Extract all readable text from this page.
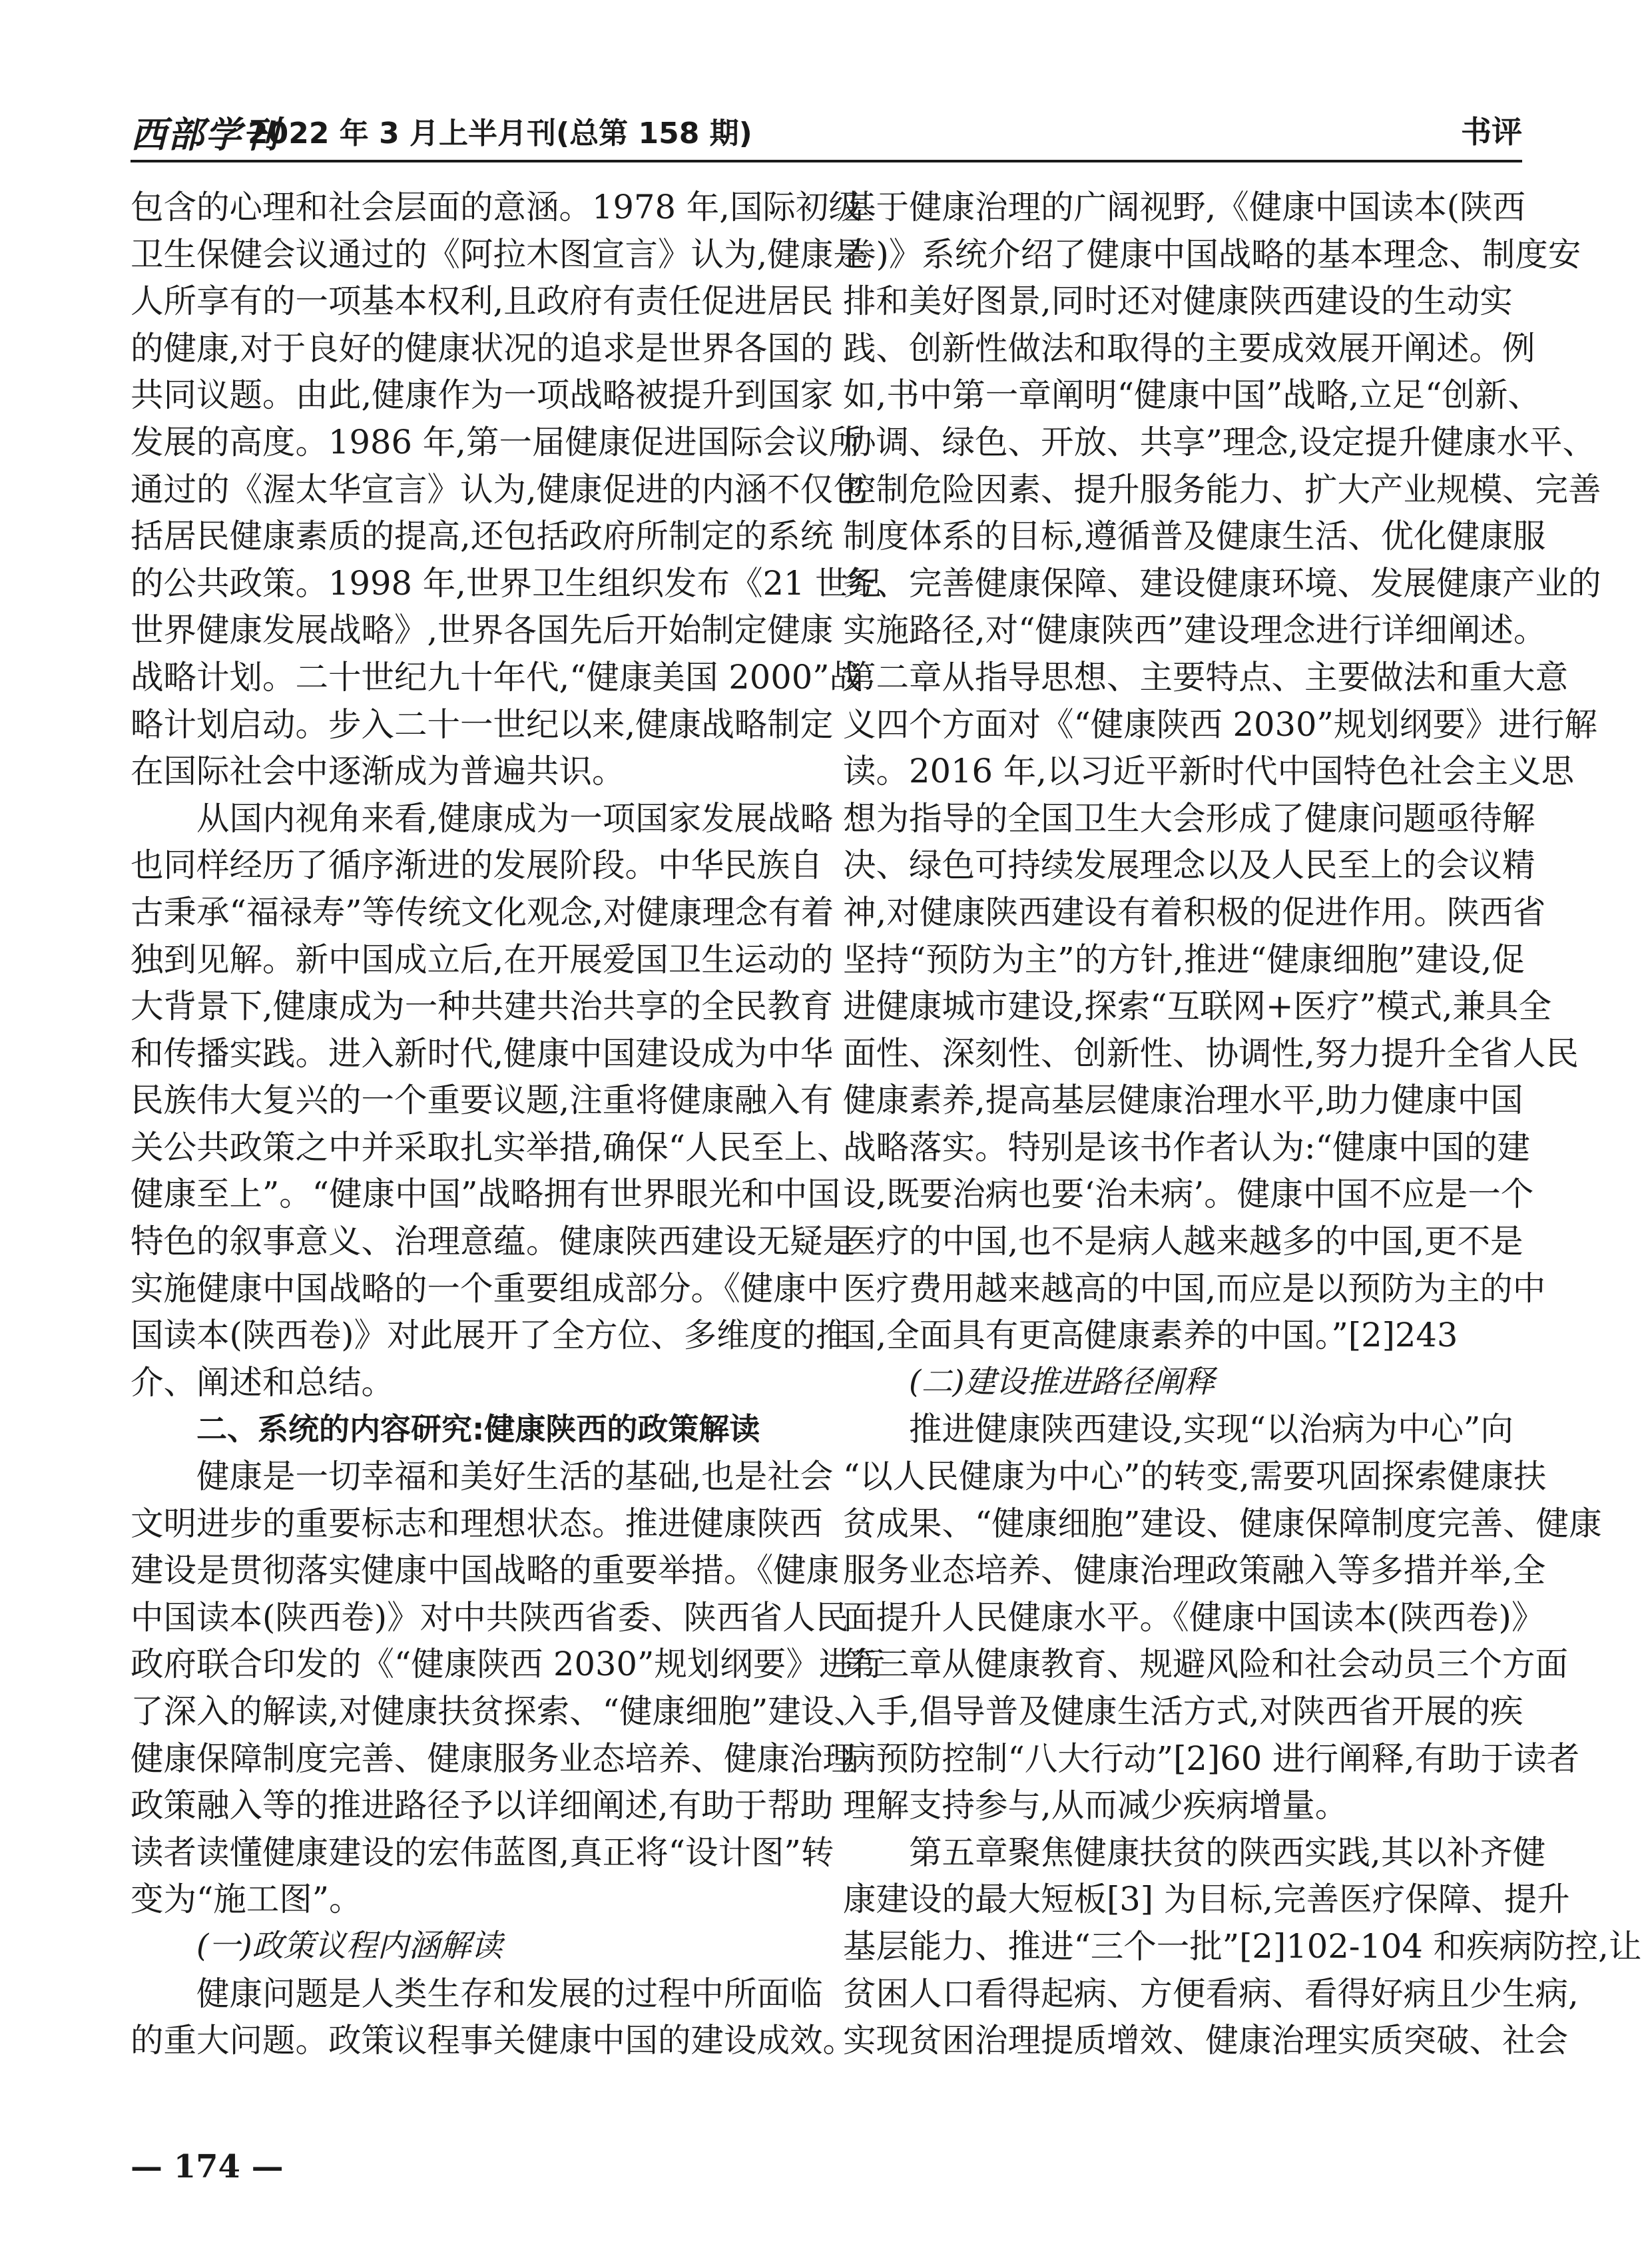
西部学刊
2022 年 3 月上半月刊(总第 158 期)	书评
包含的心理和社会层面的意涵。1978 年,国际初级
卫生保健会议通过的《阿拉木图宣言》认为,健康是
人所享有的一项基本权利,且政府有责任促进居民
的健康,对于良好的健康状况的追求是世界各国的
共同议题。由此,健康作为一项战略被提升到国家
发展的高度。1986 年,第一届健康促进国际会议所
通过的《渥太华宣言》认为,健康促进的内涵不仅包
括居民健康素质的提高,还包括政府所制定的系统
的公共政策。1998 年,世界卫生组织发布《21 世纪
世界健康发展战略》,世界各国先后开始制定健康
战略计划。二十世纪九十年代,“健康美国 2000”战
略计划启动。步入二十一世纪以来,健康战略制定
在国际社会中逐渐成为普遍共识。
从国内视角来看,健康成为一项国家发展战略
也同样经历了循序渐进的发展阶段。中华民族自
古秉承“福禄寿”等传统文化观念,对健康理念有着
独到见解。新中国成立后,在开展爱国卫生运动的
大背景下,健康成为一种共建共治共享的全民教育
和传播实践。进入新时代,健康中国建设成为中华
民族伟大复兴的一个重要议题,注重将健康融入有
关公共政策之中并采取扎实举措,确保“人民至上、
健康至上”。“健康中国”战略拥有世界眼光和中国
特色的叙事意义、治理意蕴。健康陕西建设无疑是
实施健康中国战略的一个重要组成部分。《健康中
国读本(陕西卷)》对此展开了全方位、多维度的推
介、阐述和总结。
二、系统的内容研究:健康陕西的政策解读
健康是一切幸福和美好生活的基础,也是社会
文明进步的重要标志和理想状态。推进健康陕西
建设是贯彻落实健康中国战略的重要举措。《健康
中国读本(陕西卷)》对中共陕西省委、陕西省人民
政府联合印发的《“健康陕西 2030”规划纲要》进行
了深入的解读,对健康扶贫探索、“健康细胞”建设、
健康保障制度完善、健康服务业态培养、健康治理
政策融入等的推进路径予以详细阐述,有助于帮助
读者读懂健康建设的宏伟蓝图,真正将“设计图”转
变为“施工图”。
(一)政策议程内涵解读
健康问题是人类生存和发展的过程中所面临
的重大问题。政策议程事关健康中国的建设成效。
基于健康治理的广阔视野,《健康中国读本(陕西
卷)》系统介绍了健康中国战略的基本理念、制度安
排和美好图景,同时还对健康陕西建设的生动实
践、创新性做法和取得的主要成效展开阐述。例
如,书中第一章阐明“健康中国”战略,立足“创新、
协调、绿色、开放、共享”理念,设定提升健康水平、
控制危险因素、提升服务能力、扩大产业规模、完善
制度体系的目标,遵循普及健康生活、优化健康服
务、完善健康保障、建设健康环境、发展健康产业的
实施路径,对“健康陕西”建设理念进行详细阐述。
第二章从指导思想、主要特点、主要做法和重大意
义四个方面对《“健康陕西 2030”规划纲要》进行解
读。2016 年,以习近平新时代中国特色社会主义思
想为指导的全国卫生大会形成了健康问题亟待解
决、绿色可持续发展理念以及人民至上的会议精
神,对健康陕西建设有着积极的促进作用。陕西省
坚持“预防为主”的方针,推进“健康细胞”建设,促
进健康城市建设,探索“互联网+医疗”模式,兼具全
面性、深刻性、创新性、协调性,努力提升全省人民
健康素养,提高基层健康治理水平,助力健康中国
战略落实。特别是该书作者认为:“健康中国的建
设,既要治病也要‘治未病’。健康中国不应是一个
医疗的中国,也不是病人越来越多的中国,更不是
医疗费用越来越高的中国,而应是以预防为主的中
国,全面具有更高健康素养的中国。”[2]243
(二)建设推进路径阐释
推进健康陕西建设,实现“以治病为中心”向
“以人民健康为中心”的转变,需要巩固探索健康扶
贫成果、“健康细胞”建设、健康保障制度完善、健康
服务业态培养、健康治理政策融入等多措并举,全
面提升人民健康水平。《健康中国读本(陕西卷)》
第三章从健康教育、规避风险和社会动员三个方面
入手,倡导普及健康生活方式,对陕西省开展的疾
病预防控制“八大行动”[2]60 进行阐释,有助于读者
理解支持参与,从而减少疾病增量。
第五章聚焦健康扶贫的陕西实践,其以补齐健
康建设的最大短板[3] 为目标,完善医疗保障、提升
基层能力、推进“三个一批”[2]102-104 和疾病防控,让
贫困人口看得起病、方便看病、看得好病且少生病,
实现贫困治理提质增效、健康治理实质突破、社会
— 174 —
